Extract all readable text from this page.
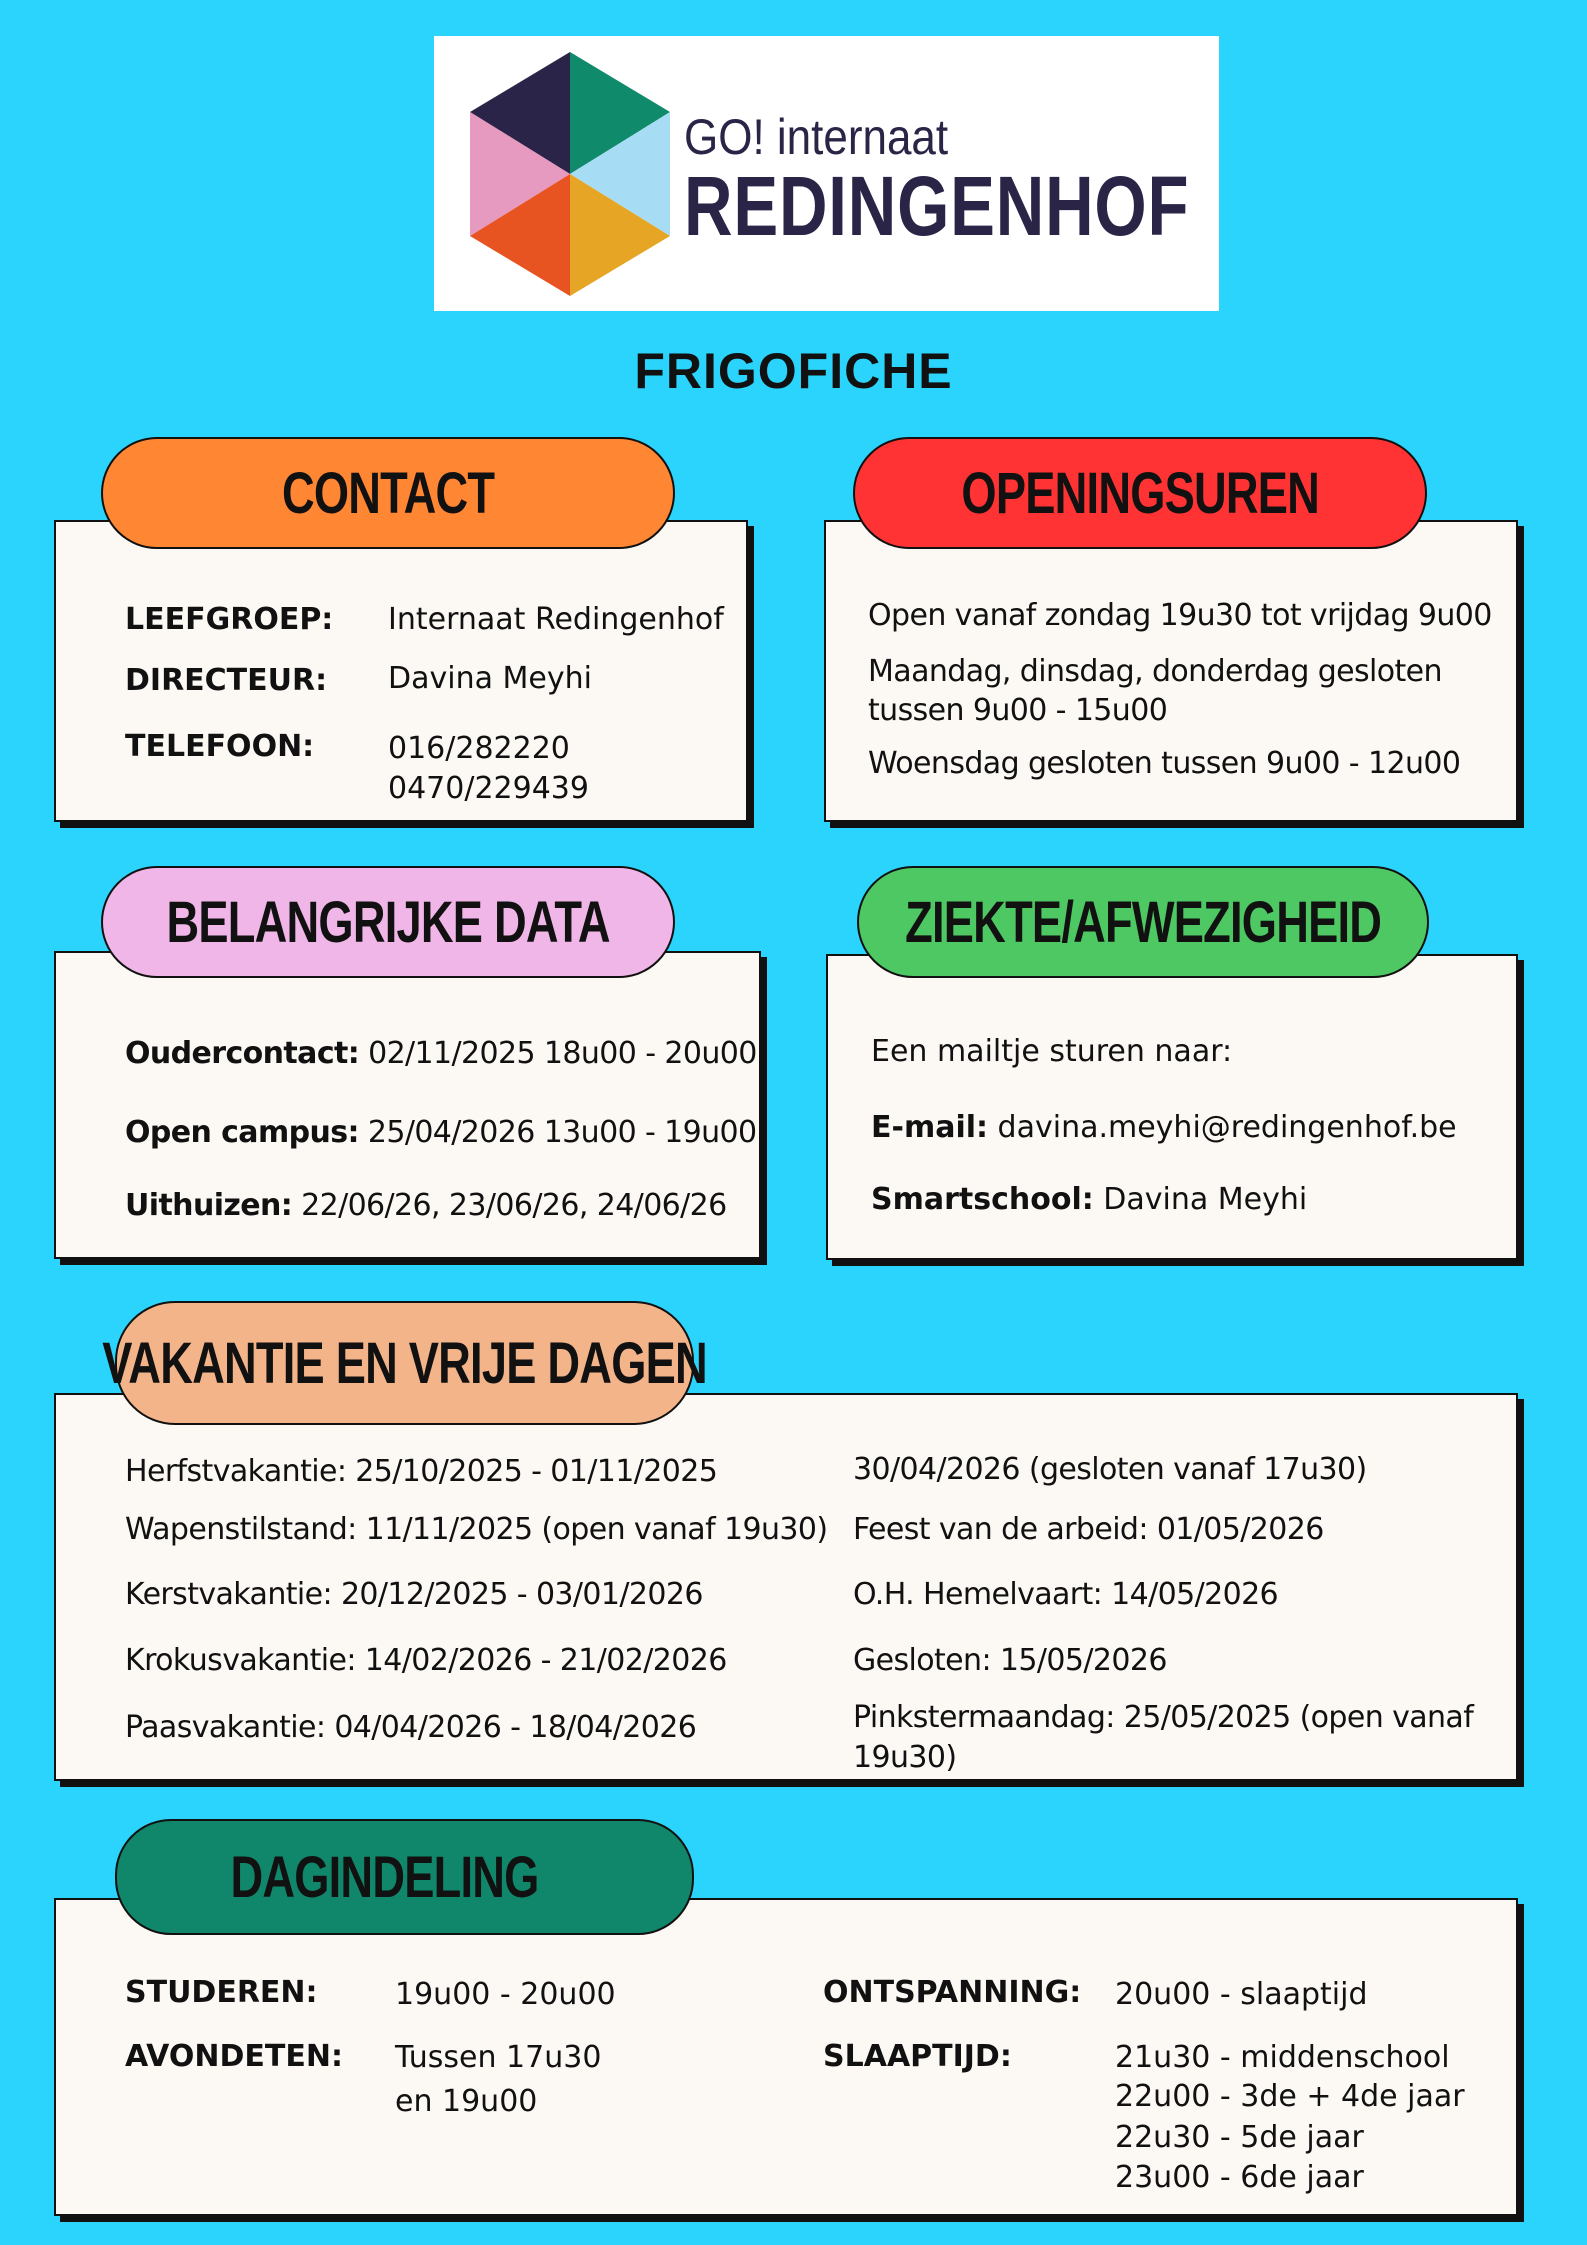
GO! internaat
REDINGENHOF
FRIGOFICHE
CONTACT
LEEFGROEP: Internaat Redingenhof
DIRECTEUR: Davina Meyhi
TELEFOON: 016/282220
0470/229439
OPENINGSUREN
Open vanaf zondag 19u30 tot vrijdag 9u00
Maandag, dinsdag, donderdag gesloten
tussen 9u00 - 15u00
Woensdag gesloten tussen 9u00 - 12u00
BELANGRIJKE DATA
Oudercontact: 02/11/2025 18u00 - 20u00
Open campus: 25/04/2026 13u00 - 19u00
Uithuizen: 22/06/26, 23/06/26, 24/06/26
ZIEKTE/AFWEZIGHEID
Een mailtje sturen naar:
E-mail: davina.meyhi@redingenhof.be
Smartschool: Davina Meyhi
VAKANTIE EN VRIJE DAGEN
Herfstvakantie: 25/10/2025 - 01/11/2025
Wapenstilstand: 11/11/2025 (open vanaf 19u30)
Kerstvakantie: 20/12/2025 - 03/01/2026
Krokusvakantie: 14/02/2026 - 21/02/2026
Paasvakantie: 04/04/2026 - 18/04/2026
30/04/2026 (gesloten vanaf 17u30)
Feest van de arbeid: 01/05/2026
O.H. Hemelvaart: 14/05/2026
Gesloten: 15/05/2026
Pinkstermaandag: 25/05/2025 (open vanaf
19u30)
DAGINDELING
STUDEREN:	19u00 - 20u00
AVONDETEN: Tussen 17u30
en 19u00
ONTSPANNING: 20u00 - slaaptijd
SLAAPTIJD:	21u30 - middenschool
22u00 - 3de + 4de jaar
22u30 - 5de jaar
23u00 - 6de jaar
